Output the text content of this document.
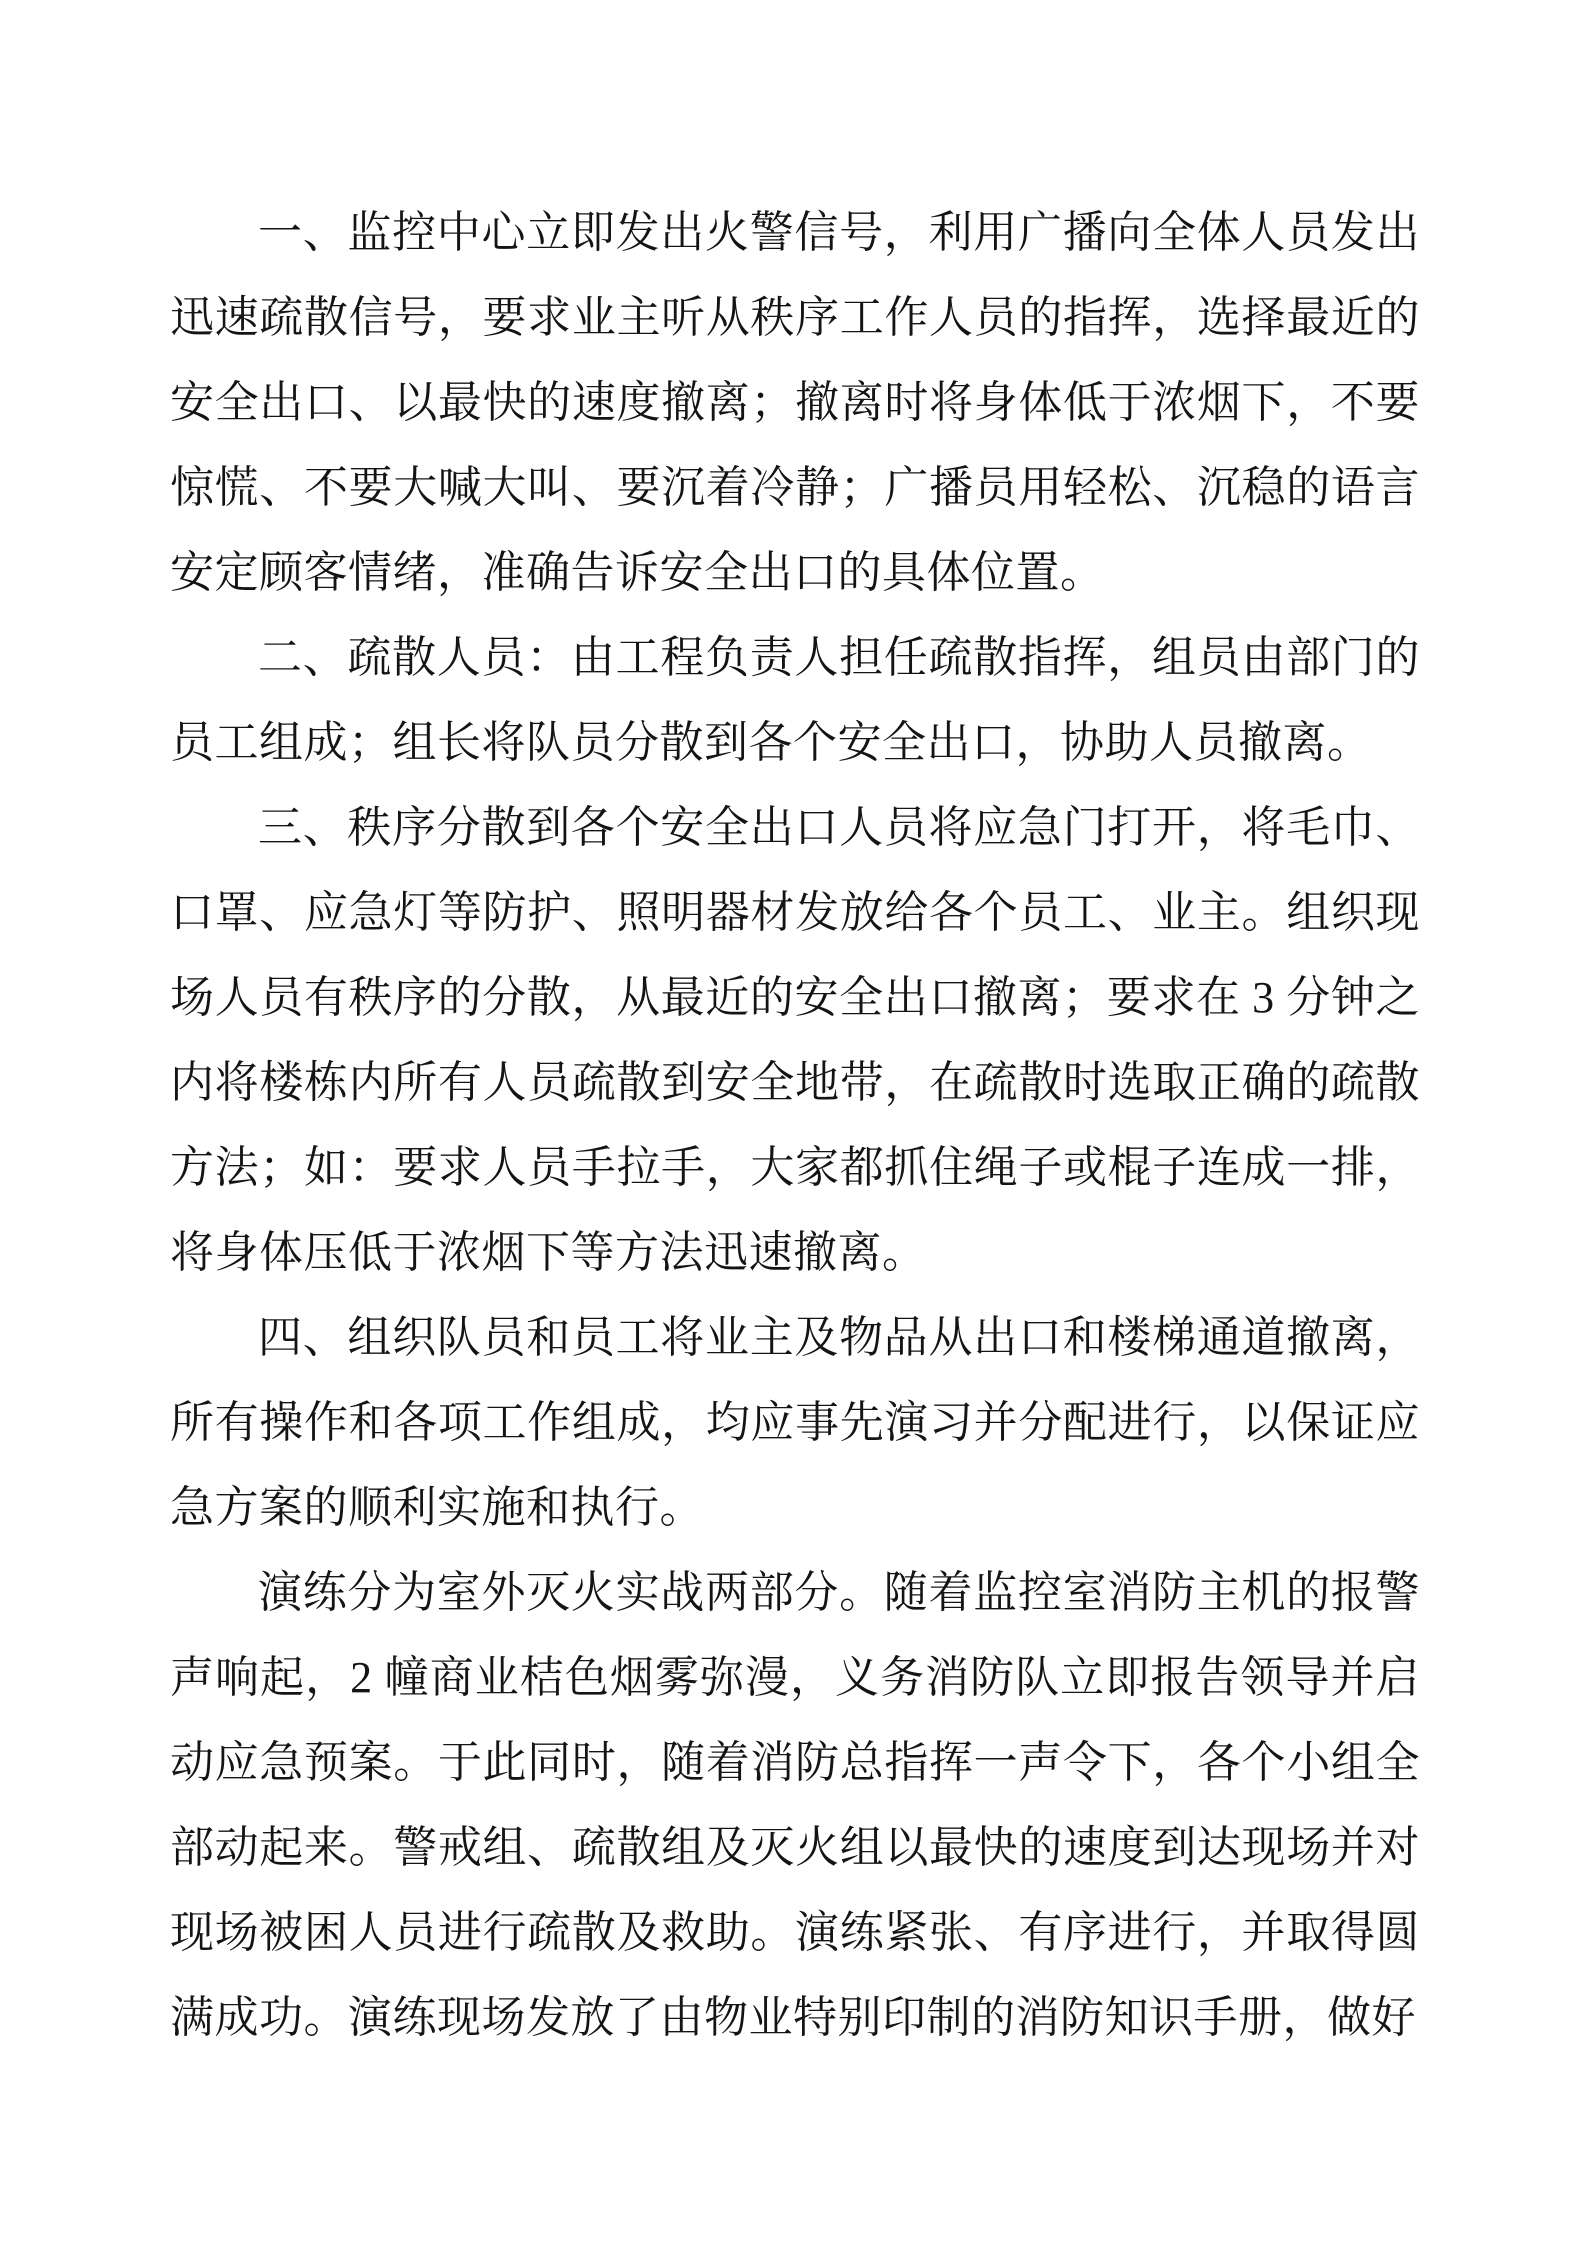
一、监控中心立即发出火警信号，利用广播向全体人员发出迅速疏散信号，要求业主听从秩序工作人员的指挥，选择最近的安全出口、以最快的速度撤离；撤离时将身体低于浓烟下，不要惊慌、不要大喊大叫、要沉着冷静；广播员用轻松、沉稳的语言安定顾客情绪，准确告诉安全出口的具体位置。

二、疏散人员：由工程负责人担任疏散指挥，组员由部门的员工组成；组长将队员分散到各个安全出口，协助人员撤离。

三、秩序分散到各个安全出口人员将应急门打开，将毛巾、口罩、应急灯等防护、照明器材发放给各个员工、业主。组织现场人员有秩序的分散，从最近的安全出口撤离；要求在 3 分钟之内将楼栋内所有人员疏散到安全地带，在疏散时选取正确的疏散方法；如：要求人员手拉手，大家都抓住绳子或棍子连成一排，将身体压低于浓烟下等方法迅速撤离。

四、组织队员和员工将业主及物品从出口和楼梯通道撤离，所有操作和各项工作组成，均应事先演习并分配进行，以保证应急方案的顺利实施和执行。

演练分为室外灭火实战两部分。随着监控室消防主机的报警声响起，2 幢商业桔色烟雾弥漫，义务消防队立即报告领导并启动应急预案。于此同时，随着消防总指挥一声令下，各个小组全部动起来。警戒组、疏散组及灭火组以最快的速度到达现场并对现场被困人员进行疏散及救助。演练紧张、有序进行，并取得圆满成功。演练现场发放了由物业特别印制的消防知识手册，做好
